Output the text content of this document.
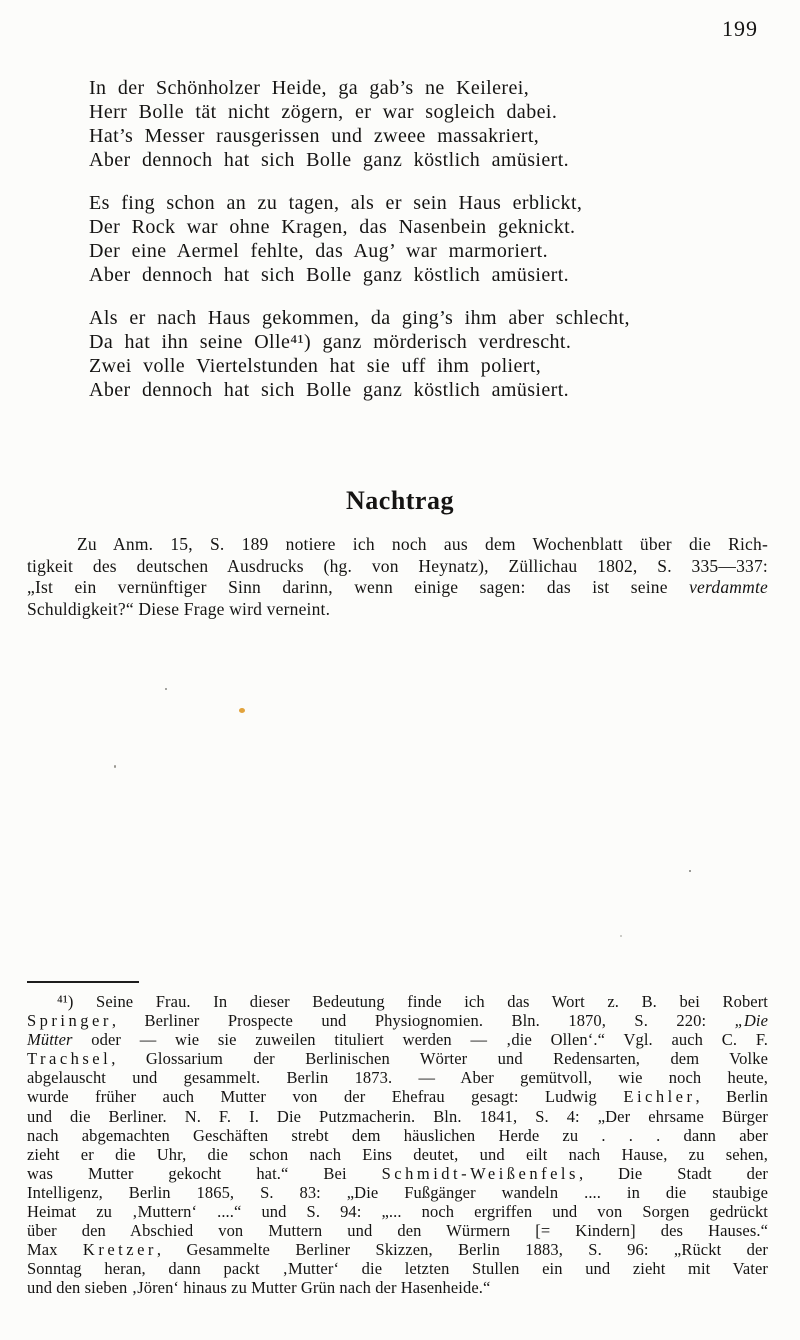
199
In der Schönholzer Heide, ga gab’s ne Keilerei,
Herr Bolle tät nicht zögern, er war sogleich dabei.
Hat’s Messer rausgerissen und zweee massakriert,
Aber dennoch hat sich Bolle ganz köstlich amüsiert.
Es fing schon an zu tagen, als er sein Haus erblickt,
Der Rock war ohne Kragen, das Nasenbein geknickt.
Der eine Aermel fehlte, das Aug’ war marmoriert.
Aber dennoch hat sich Bolle ganz köstlich amüsiert.
Als er nach Haus gekommen, da ging’s ihm aber schlecht,
Da hat ihn seine Olle⁴¹) ganz mörderisch verdrescht.
Zwei volle Viertelstunden hat sie uff ihm poliert,
Aber dennoch hat sich Bolle ganz köstlich amüsiert.
Nachtrag
Zu Anm. 15, S. 189 notiere ich noch aus dem Wochenblatt über die Rich-
tigkeit des deutschen Ausdrucks (hg. von Heynatz), Züllichau 1802, S. 335—337:
„Ist ein vernünftiger Sinn darinn, wenn einige sagen: das ist seine verdammte
Schuldigkeit?“ Diese Frage wird verneint.
⁴¹) Seine Frau. In dieser Bedeutung finde ich das Wort z. B. bei Robert
Springer, Berliner Prospecte und Physiognomien. Bln. 1870, S. 220: „Die
Mütter oder — wie sie zuweilen tituliert werden — ‚die Ollen‘.“ Vgl. auch C. F.
Trachsel, Glossarium der Berlinischen Wörter und Redensarten, dem Volke
abgelauscht und gesammelt. Berlin 1873. — Aber gemütvoll, wie noch heute,
wurde früher auch Mutter von der Ehefrau gesagt: Ludwig Eichler, Berlin
und die Berliner. N. F. I. Die Putzmacherin. Bln. 1841, S. 4: „Der ehrsame Bürger
nach abgemachten Geschäften strebt dem häuslichen Herde zu . . . dann aber
zieht er die Uhr, die schon nach Eins deutet, und eilt nach Hause, zu sehen,
was Mutter gekocht hat.“ Bei Schmidt-Weißenfels, Die Stadt der
Intelligenz, Berlin 1865, S. 83: „Die Fußgänger wandeln .... in die staubige
Heimat zu ‚Muttern‘ ....“ und S. 94: „... noch ergriffen und von Sorgen gedrückt
über den Abschied von Muttern und den Würmern [= Kindern] des Hauses.“
Max Kretzer, Gesammelte Berliner Skizzen, Berlin 1883, S. 96: „Rückt der
Sonntag heran, dann packt ‚Mutter‘ die letzten Stullen ein und zieht mit Vater
und den sieben ‚Jören‘ hinaus zu Mutter Grün nach der Hasenheide.“
